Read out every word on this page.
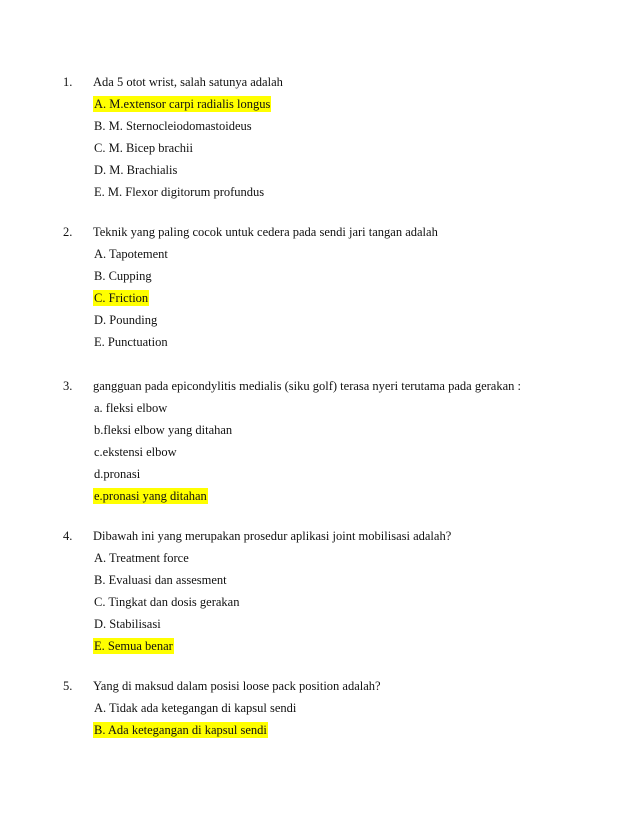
1. Ada 5 otot wrist, salah satunya adalah
A. M.extensor carpi radialis longus
B. M. Sternocleiodomastoideus
C. M. Bicep brachii
D. M. Brachialis
E. M. Flexor digitorum profundus
2. Teknik yang paling cocok untuk cedera pada sendi jari tangan adalah
A. Tapotement
B. Cupping
C. Friction
D. Pounding
E. Punctuation
3. gangguan pada epicondylitis medialis (siku golf) terasa nyeri terutama pada gerakan :
a. fleksi elbow
b.fleksi elbow yang ditahan
c.ekstensi elbow
d.pronasi
e.pronasi yang ditahan
4. Dibawah ini yang merupakan prosedur aplikasi joint mobilisasi adalah?
A. Treatment force
B. Evaluasi dan assesment
C. Tingkat dan dosis gerakan
D. Stabilisasi
E. Semua benar
5. Yang di maksud dalam posisi loose pack position adalah?
A. Tidak ada ketegangan di kapsul sendi
B. Ada ketegangan di kapsul sendi
